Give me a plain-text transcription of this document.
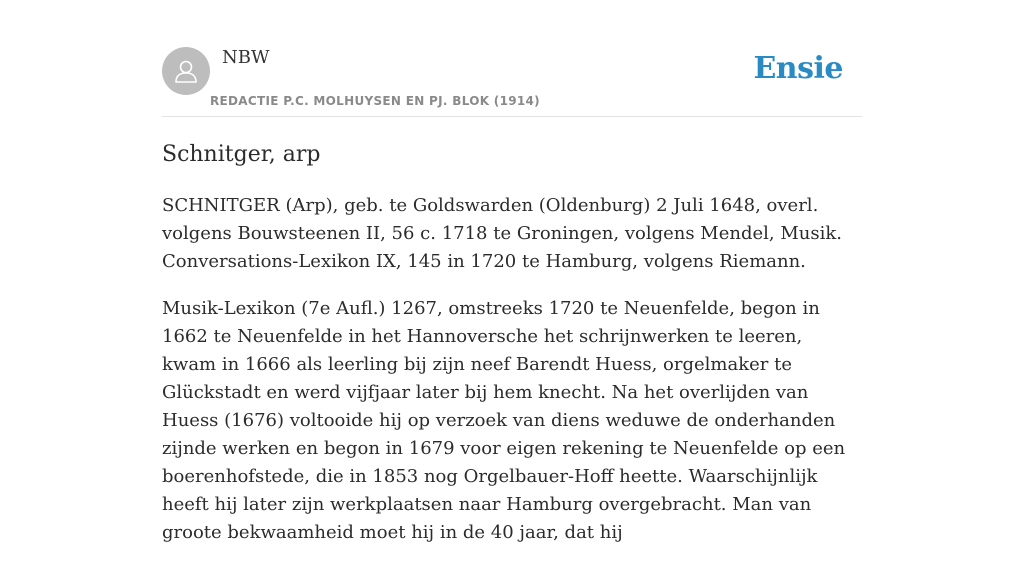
NBW
REDACTIE P.C. MOLHUYSEN EN PJ. BLOK (1914)
Ensie
Schnitger, arp

SCHNITGER (Arp), geb. te Goldswarden (Oldenburg) 2 Juli 1648, overl. volgens Bouwsteenen II, 56 c. 1718 te Groningen, volgens Mendel, Musik. Conversations-Lexikon IX, 145 in 1720 te Hamburg, volgens Riemann.

Musik-Lexikon (7e Aufl.) 1267, omstreeks 1720 te Neuenfelde, begon in 1662 te Neuenfelde in het Hannoversche het schrijnwerken te leeren, kwam in 1666 als leerling bij zijn neef Barendt Huess, orgelmaker te Glückstadt en werd vijfjaar later bij hem knecht. Na het overlijden van Huess (1676) voltooide hij op verzoek van diens weduwe de onderhanden zijnde werken en begon in 1679 voor eigen rekening te Neuenfelde op een boerenhofstede, die in 1853 nog Orgelbauer-Hoff heette. Waarschijnlijk heeft hij later zijn werkplaatsen naar Hamburg overgebracht. Man van groote bekwaamheid moet hij in de 40 jaar, dat hij
